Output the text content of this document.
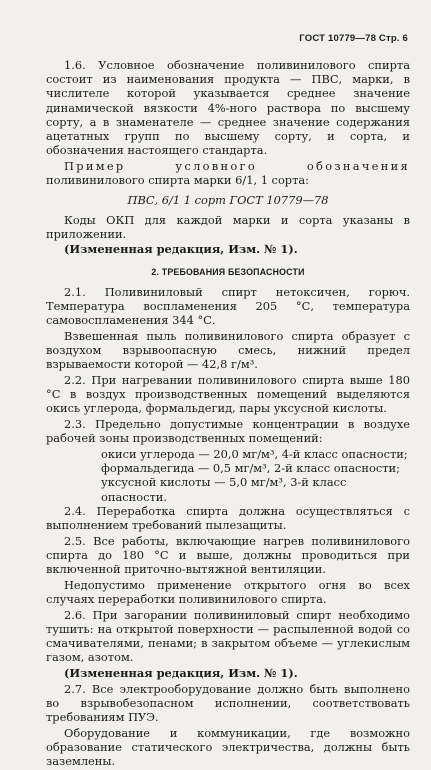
ГОСТ 10779—78 Стр. 6

1.6. Условное обозначение поливинилового спирта состоит из наименования продукта — ПВС, марки, в числителе которой указывается среднее значение динамической вязкости 4%-ного раствора по высшему сорту, а в знаменателе — среднее значение содержания ацетатных групп по высшему сорту, и сорта, и обозначения настоящего стандарта.

Пример условного обозначения поливинилового спирта марки 6/1, 1 сорта:

ПВС, 6/1 1 сорт ГОСТ 10779—78

Коды ОКП для каждой марки и сорта указаны в приложении.

(Измененная редакция, Изм. № 1).

2. ТРЕБОВАНИЯ БЕЗОПАСНОСТИ

2.1. Поливиниловый спирт нетоксичен, горюч. Температура воспламенения 205 °С, температура самовоспламенения 344 °С.

Взвешенная пыль поливинилового спирта образует с воздухом взрывоопасную смесь, нижний предел взрываемости которой — 42,8 г/м³.

2.2. При нагревании поливинилового спирта выше 180 °С в воздух производственных помещений выделяются окись углерода, формальдегид, пары уксусной кислоты.

2.3. Предельно допустимые концентрации в воздухе рабочей зоны производственных помещений:

окиси углерода — 20,0 мг/м³, 4-й класс опасности;

формальдегида — 0,5 мг/м³, 2-й класс опасности;

уксусной кислоты — 5,0 мг/м³, 3-й класс опасности.

2.4. Переработка спирта должна осуществляться с выполнением требований пылезащиты.

2.5. Все работы, включающие нагрев поливинилового спирта до 180 °С и выше, должны проводиться при включенной приточно-вытяжной вентиляции.

Недопустимо применение открытого огня во всех случаях переработки поливинилового спирта.

2.6. При загорании поливиниловый спирт необходимо тушить: на открытой поверхности — распыленной водой со смачивателями, пенами; в закрытом объеме — углекислым газом, азотом.

(Измененная редакция, Изм. № 1).

2.7. Все электрооборудование должно быть выполнено во взрывобезопасном исполнении, соответствовать требованиям ПУЭ.

Оборудование и коммуникации, где возможно образование статического электричества, должны быть заземлены.
